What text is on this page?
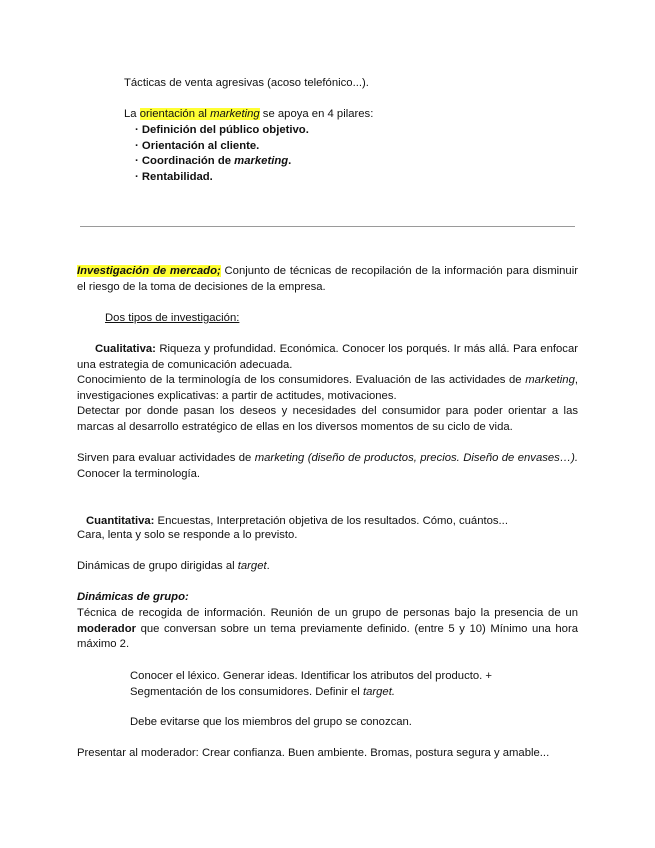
Tácticas de venta agresivas (acoso telefónico...).
La orientación al marketing se apoya en 4 pilares:
· Definición del público objetivo.
· Orientación al cliente.
· Coordinación de marketing.
· Rentabilidad.
Investigación de mercado; Conjunto de técnicas de recopilación de la información para disminuir el riesgo de la toma de decisiones de la empresa.
Dos tipos de investigación:
Cualitativa: Riqueza y profundidad. Económica. Conocer los porqués. Ir más allá. Para enfocar una estrategia de comunicación adecuada.
Conocimiento de la terminología de los consumidores. Evaluación de las actividades de marketing, investigaciones explicativas: a partir de actitudes, motivaciones.
Detectar por donde pasan los deseos y necesidades del consumidor para poder orientar a las marcas al desarrollo estratégico de ellas en los diversos momentos de su ciclo de vida.
Sirven para evaluar actividades de marketing (diseño de productos, precios. Diseño de envases…). Conocer la terminología.
Cuantitativa: Encuestas, Interpretación objetiva de los resultados. Cómo, cuántos...
Cara, lenta y solo se responde a lo previsto.
Dinámicas de grupo dirigidas al target.
Dinámicas de grupo:
Técnica de recogida de información. Reunión de un grupo de personas bajo la presencia de un moderador que conversan sobre un tema previamente definido. (entre 5 y 10) Mínimo una hora máximo 2.
Conocer el léxico. Generar ideas. Identificar los atributos del producto. + Segmentación de los consumidores. Definir el target.
Debe evitarse que los miembros del grupo se conozcan.
Presentar al moderador: Crear confianza. Buen ambiente. Bromas, postura segura y amable...
